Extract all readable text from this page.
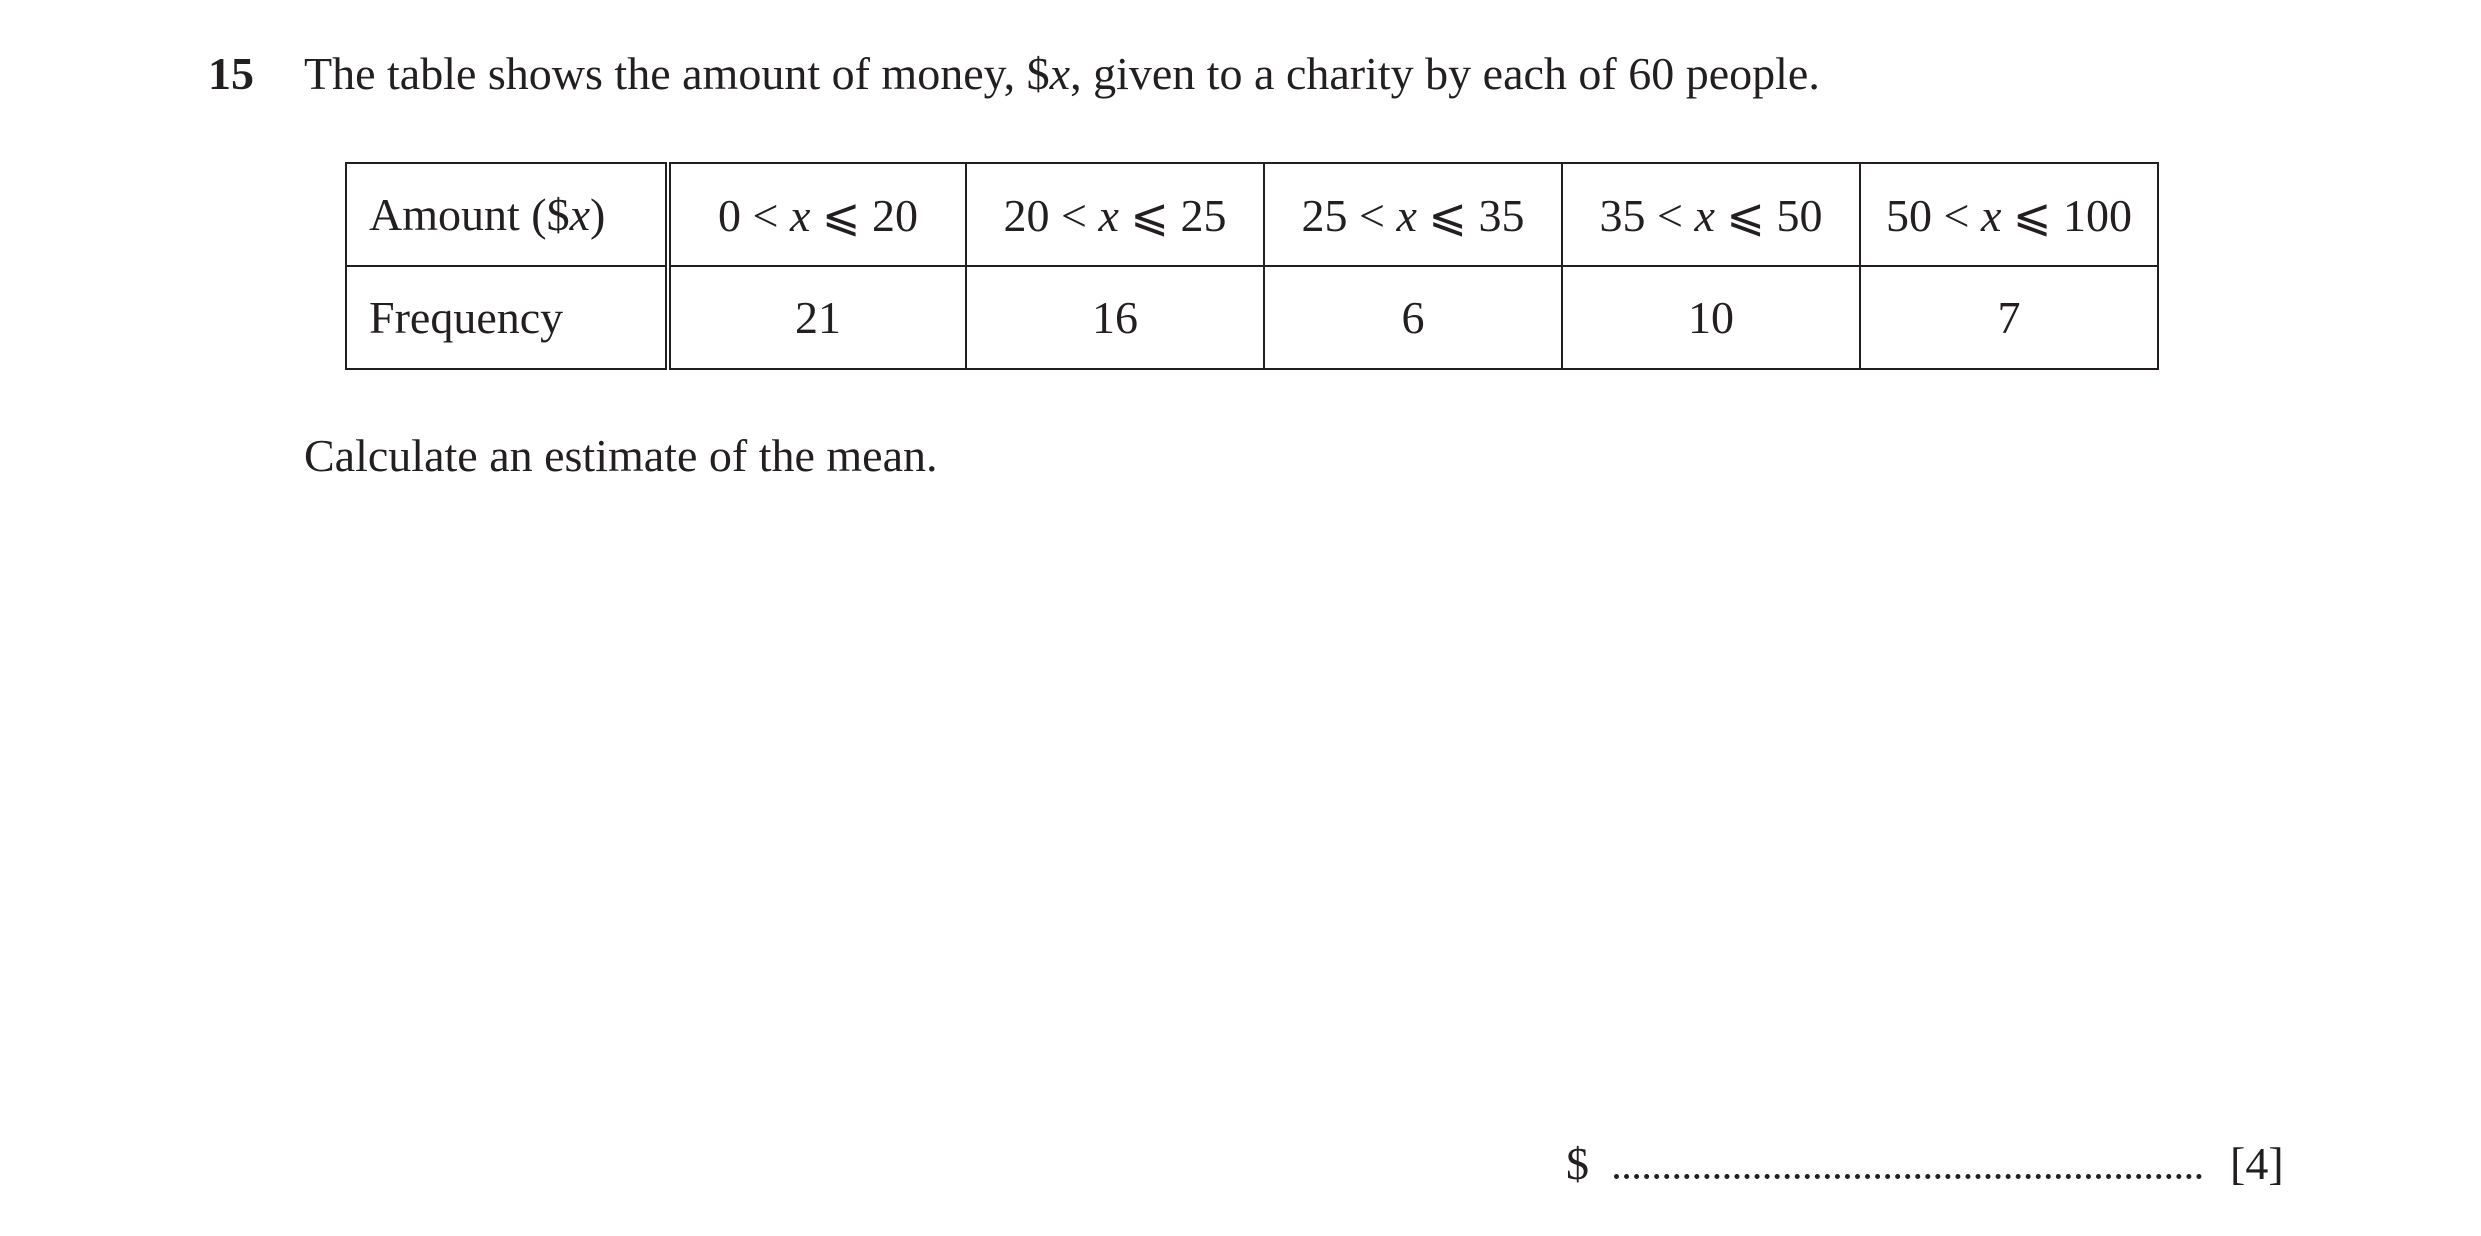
15 The table shows the amount of money, $x, given to a charity by each of 60 people.
Amount ($x)	0 < x ⩽ 20	20 < x ⩽ 25	25 < x ⩽ 35	35 < x ⩽ 50	50 < x ⩽ 100
Frequency	21	16	6	10	7
Calculate an estimate of the mean.
$	[4]
